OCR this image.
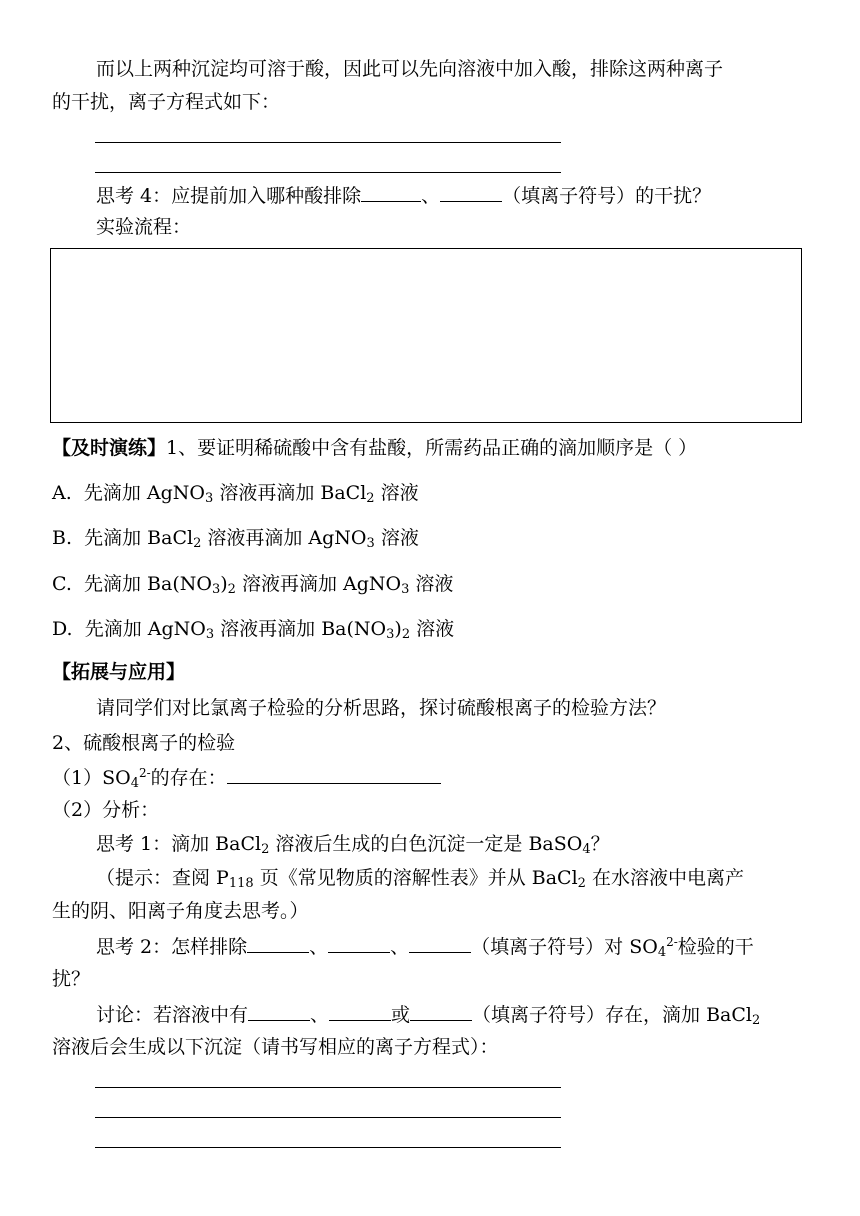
而以上两种沉淀均可溶于酸，因此可以先向溶液中加入酸，排除这两种离子
的干扰，离子方程式如下：
思考 4：应提前加入哪种酸排除	、	（填离子符号）的干扰？
实验流程：
【及时演练】1、要证明稀硫酸中含有盐酸，所需药品正确的滴加顺序是（ ）
A. 先滴加 AgNO$_3$ 溶液再滴加 BaCl$_2$ 溶液
B. 先滴加 BaCl$_2$ 溶液再滴加 AgNO$_3$ 溶液
C. 先滴加 $Ba(NO_3)_2$ 溶液再滴加 AgNO$_3$ 溶液
D. 先滴加 AgNO$_3$ 溶液再滴加 $Ba(NO_3)_2$ 溶液
【拓展与应用】
请同学们对比氯离子检验的分析思路，探讨硫酸根离子的检验方法？
2、硫酸根离子的检验
$(1)SO_4^{2-}$的存在：
（2）分析：
思考 1：滴加 BaCl$_2$ 溶液后生成的白色沉淀一定是 BaSO$_4$？
（提示：查阅 $P_{118}$ 页《常见物质的溶解性表》并从 BaCl$_2$ 在水溶液中电离产
生的阴、阳离子角度去思考。）
思考 2：怎样排除	、	、	（填离子符号）对 $SO_4^{2-}$检验的干
扰？
讨论：若溶液中有	、	或	（填离子符号）存在，滴加 BaCl$_2$
溶液后会生成以下沉淀（请书写相应的离子方程式）：
